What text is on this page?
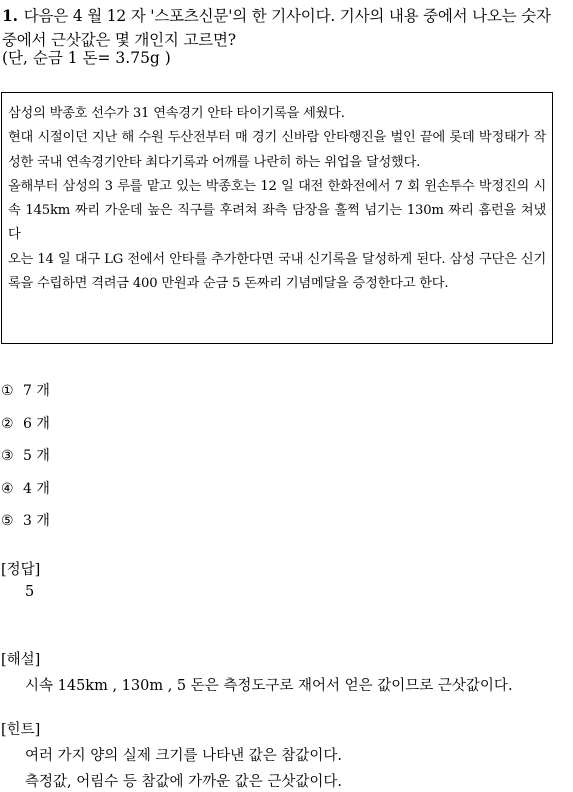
1. 다음은 4 월 12 자 '스포츠신문'의 한 기사이다. 기사의 내용 중에서 나오는 숫자 중에서 근삿값은 몇 개인지 고르면?
(단, 순금 1 돈= 3.75g )

삼성의 박종호 선수가 31 연속경기 안타 타이기록을 세웠다.

현대 시절이던 지난 해 수원 두산전부터 매 경기 신바람 안타행진을 벌인 끝에 롯데 박정태가 작성한 국내 연속경기안타 최다기록과 어깨를 나란히 하는 위업을 달성했다.

올해부터 삼성의 3 루를 맡고 있는 박종호는 12 일 대전 한화전에서 7 회 윈손투수 박정진의 시속 145km 짜리 가운데 높은 직구를 후려쳐 좌측 담장을 훌쩍 넘기는 130m 짜리 홈런을 쳐냈다

오는 14 일 대구 LG 전에서 안타를 추가한다면 국내 신기록을 달성하게 된다. 삼성 구단은 신기록을 수립하면 격려금 400 만원과 순금 5 돈짜리 기념메달을 증정한다고 한다.

① 7 개
② 6 개
③ 5 개
④ 4 개
⑤ 3 개
[정답]
5
[해설]
시속 145km , 130m , 5 돈은 측정도구로 재어서 얻은 값이므로 근삿값이다.
[힌트]
여러 가지 양의 실제 크기를 나타낸 값은 참값이다.
측정값, 어림수 등 참값에 가까운 값은 근삿값이다.
